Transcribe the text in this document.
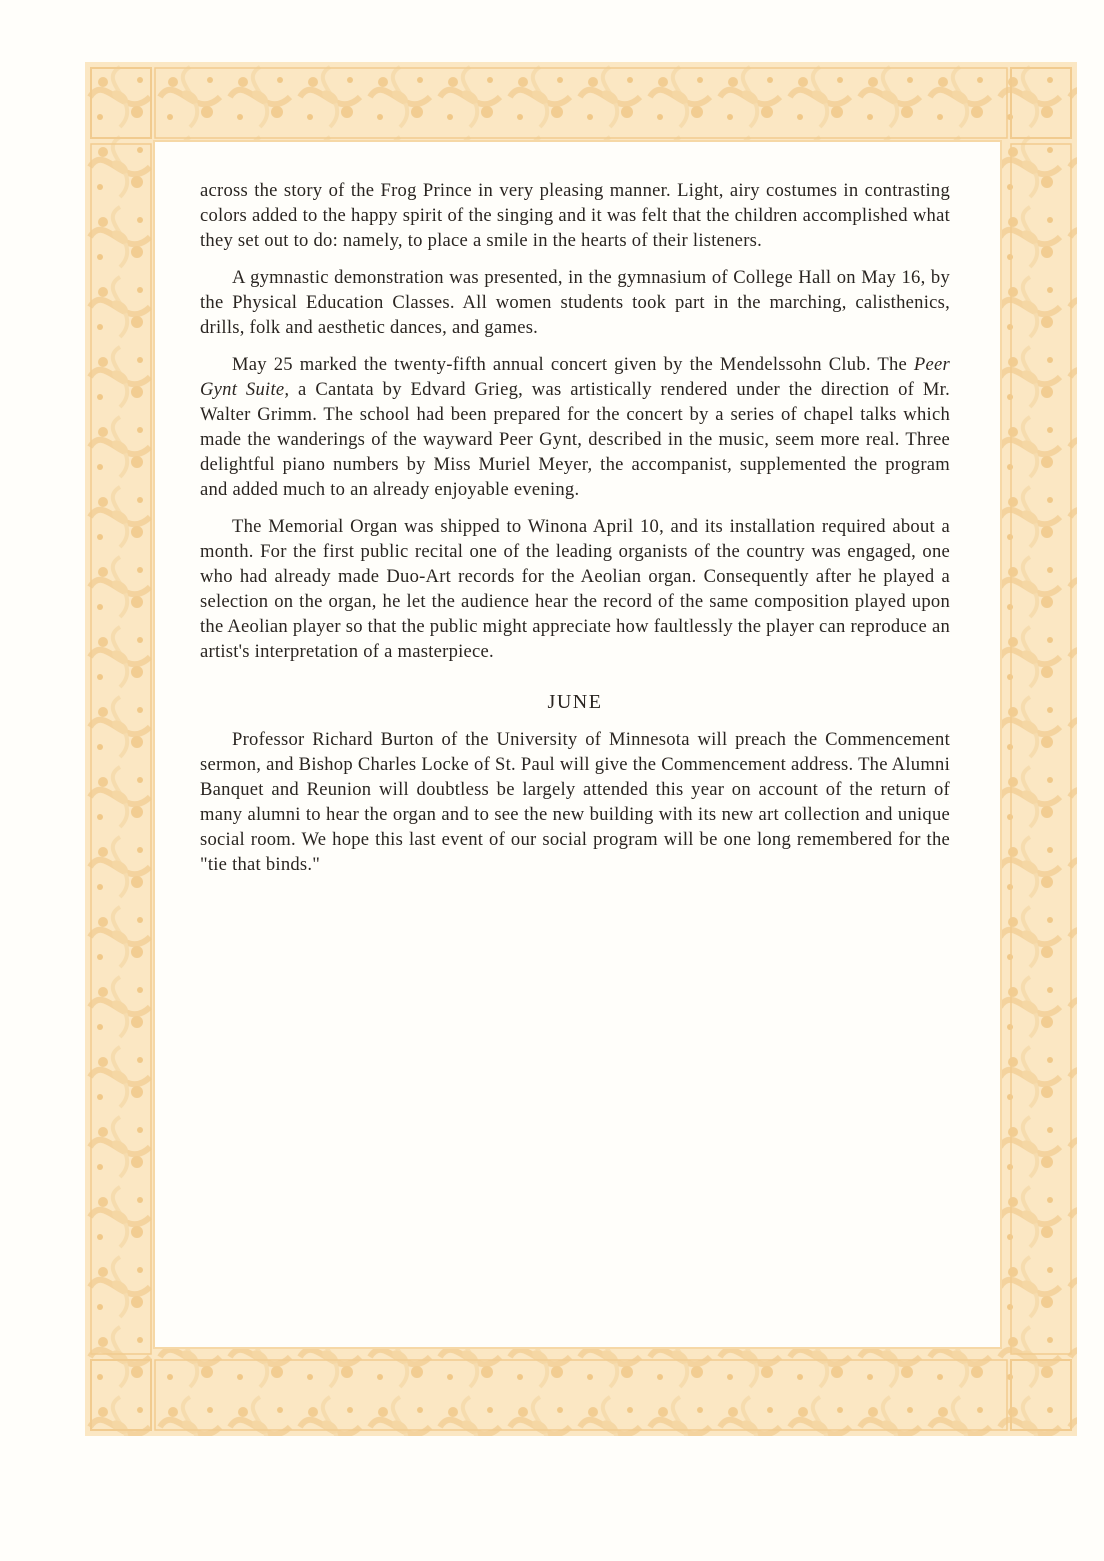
across the story of the Frog Prince in very pleasing manner. Light, airy costumes in contrasting colors added to the happy spirit of the singing and it was felt that the children accomplished what they set out to do: namely, to place a smile in the hearts of their listeners.

A gymnastic demonstration was presented, in the gymnasium of College Hall on May 16, by the Physical Education Classes. All women students took part in the marching, calisthenics, drills, folk and aesthetic dances, and games.

May 25 marked the twenty-fifth annual concert given by the Mendelssohn Club. The Peer Gynt Suite, a Cantata by Edvard Grieg, was artistically rendered under the direction of Mr. Walter Grimm. The school had been prepared for the concert by a series of chapel talks which made the wanderings of the wayward Peer Gynt, described in the music, seem more real. Three delightful piano numbers by Miss Muriel Meyer, the accompanist, supplemented the program and added much to an already enjoyable evening.

The Memorial Organ was shipped to Winona April 10, and its installation required about a month. For the first public recital one of the leading organists of the country was engaged, one who had already made Duo-Art records for the Aeolian organ. Consequently after he played a selection on the organ, he let the audience hear the record of the same composition played upon the Aeolian player so that the public might appreciate how faultlessly the player can reproduce an artist's interpretation of a masterpiece.

JUNE

Professor Richard Burton of the University of Minnesota will preach the Commencement sermon, and Bishop Charles Locke of St. Paul will give the Commencement address. The Alumni Banquet and Reunion will doubtless be largely attended this year on account of the return of many alumni to hear the organ and to see the new building with its new art collection and unique social room. We hope this last event of our social program will be one long remembered for the "tie that binds."
